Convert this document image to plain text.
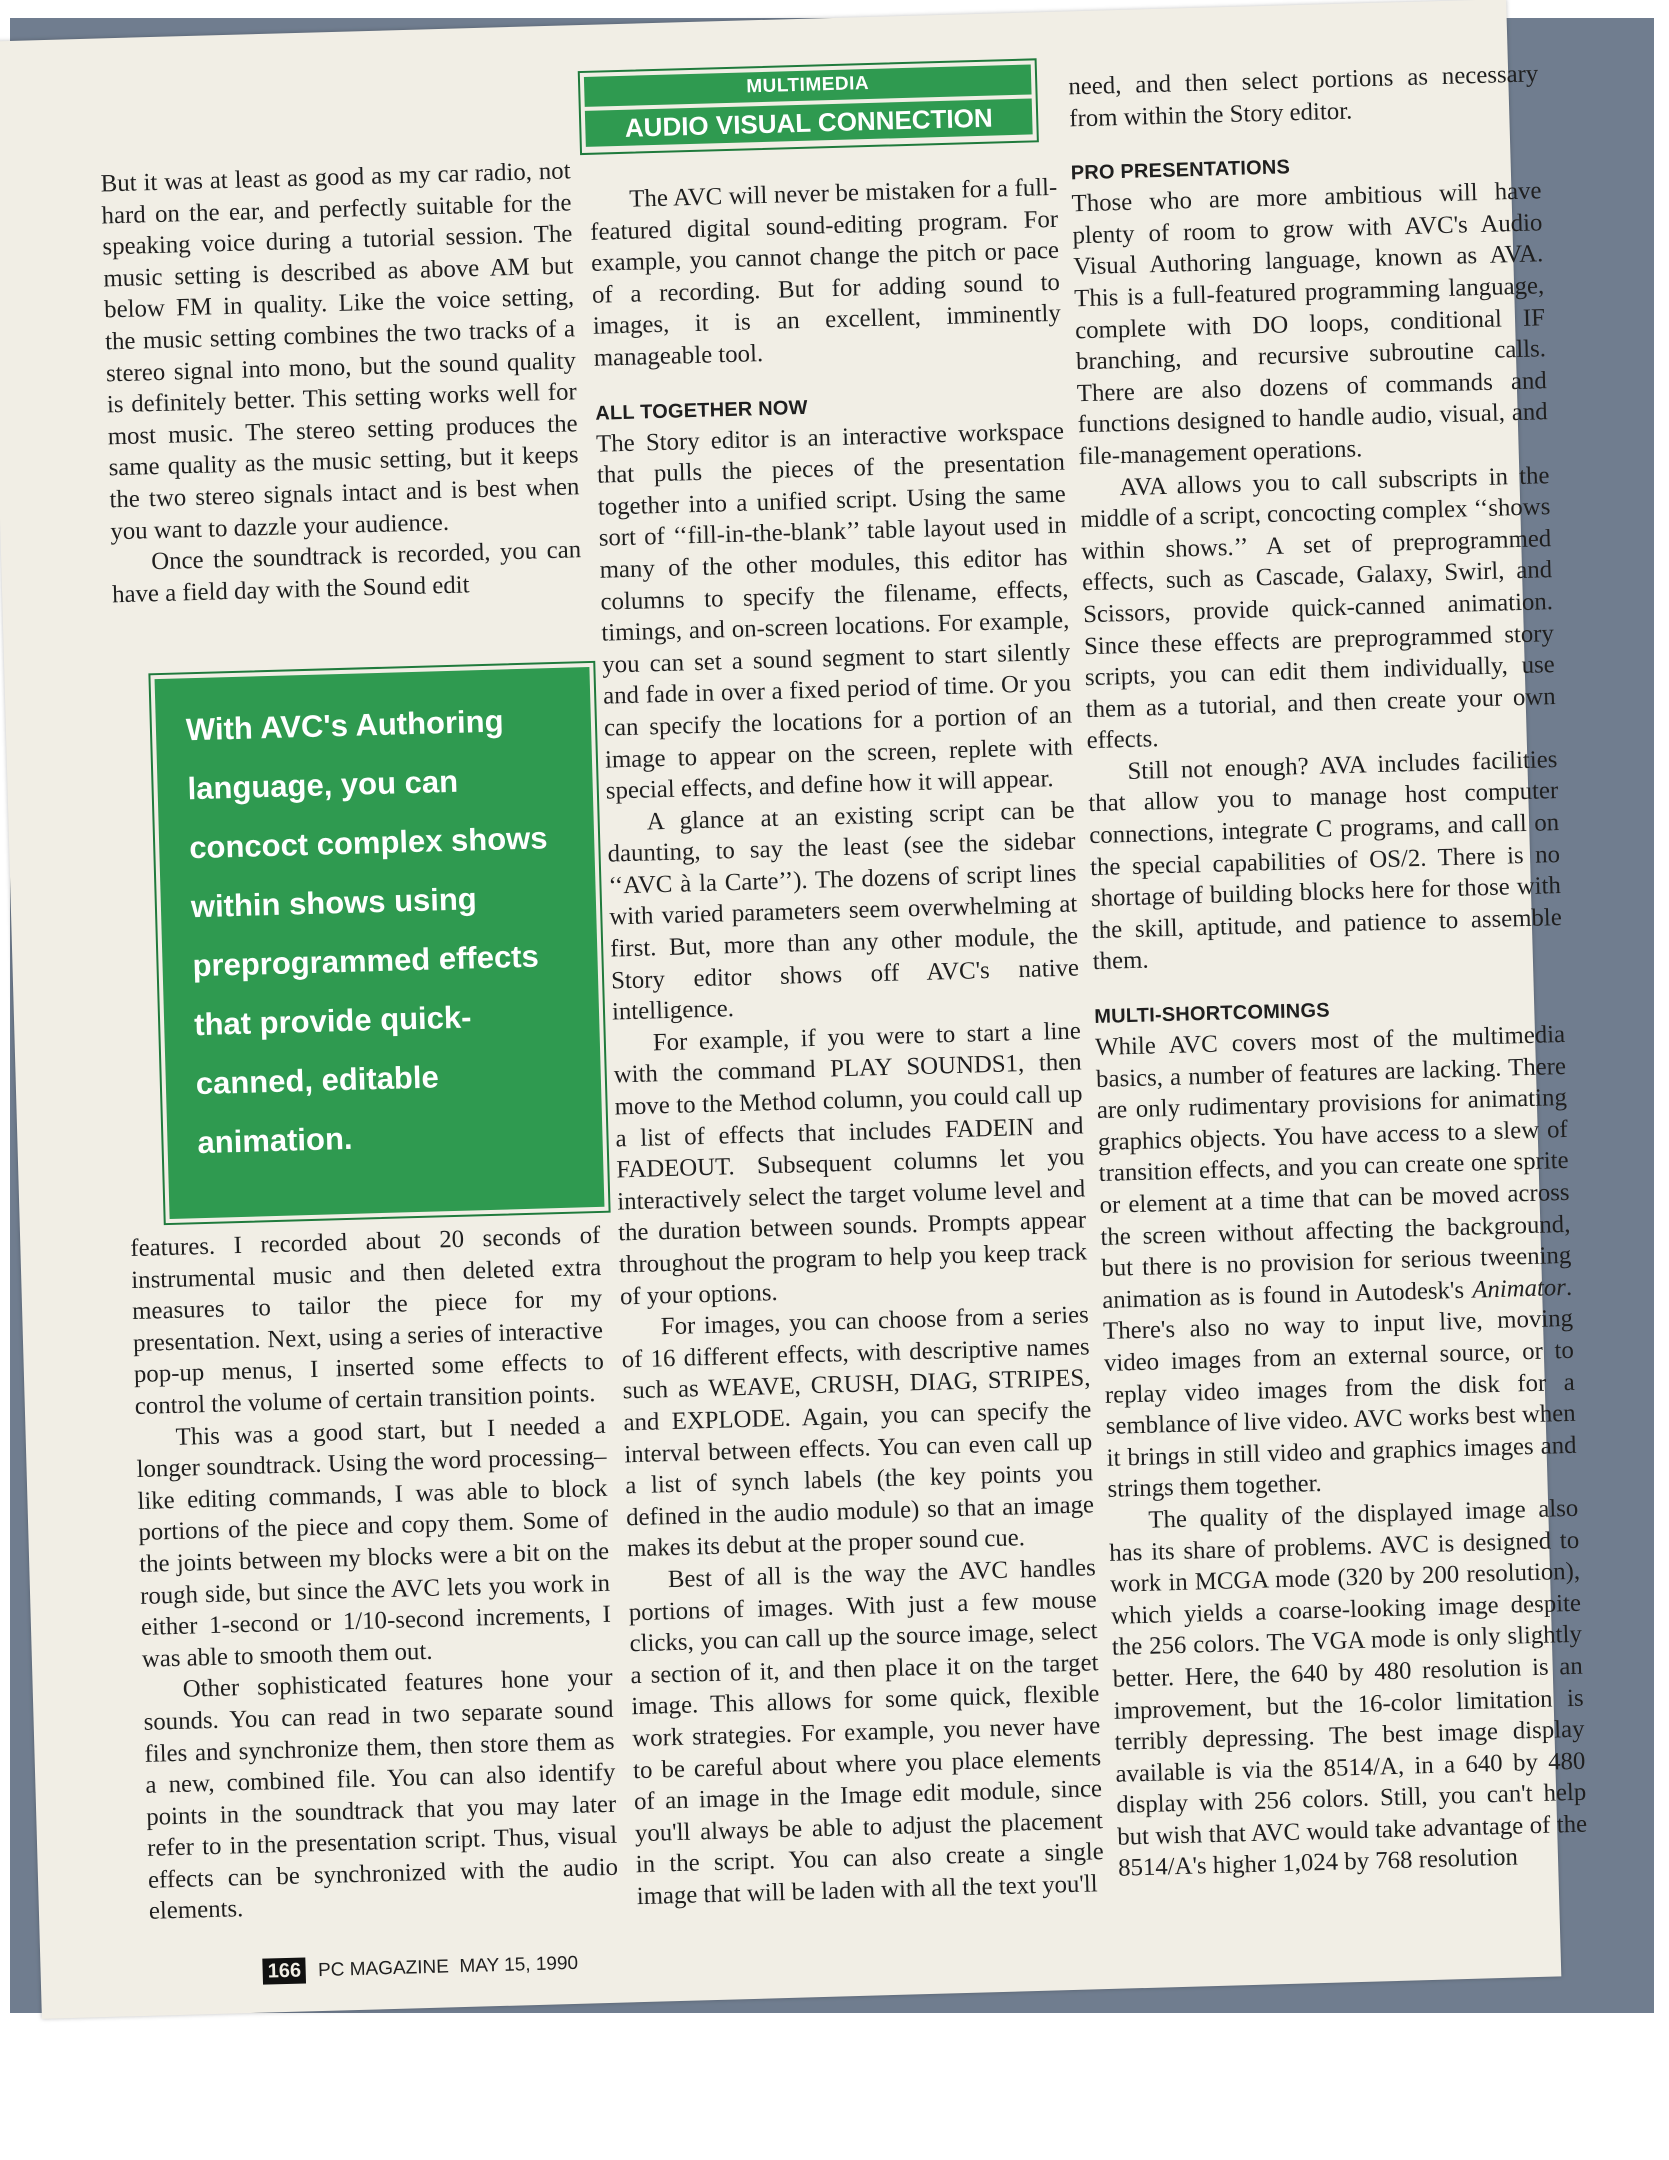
MULTIMEDIA
AUDIO VISUAL CONNECTION

But it was at least as good as my car radio, not hard on the ear, and perfectly suitable for the speaking voice during a tutorial session. The music setting is described as above AM but below FM in quality. Like the voice setting, the music setting combines the two tracks of a stereo signal into mono, but the sound quality is definitely better. This setting works well for most music. The stereo setting produces the same quality as the music setting, but it keeps the two stereo signals intact and is best when you want to dazzle your audience.

Once the soundtrack is recorded, you can have a field day with the Sound edit

With AVC's Authoring language, you can concoct complex shows within shows using preprogrammed effects that provide quick-canned, editable animation.

features. I recorded about 20 seconds of instrumental music and then deleted extra measures to tailor the piece for my presentation. Next, using a series of interactive pop-up menus, I inserted some effects to control the volume of certain transition points.

This was a good start, but I needed a longer soundtrack. Using the word processing–like editing commands, I was able to block portions of the piece and copy them. Some of the joints between my blocks were a bit on the rough side, but since the AVC lets you work in either 1-second or 1/10-second increments, I was able to smooth them out.

Other sophisticated features hone your sounds. You can read in two separate sound files and synchronize them, then store them as a new, combined file. You can also identify points in the soundtrack that you may later refer to in the presentation script. Thus, visual effects can be synchronized with the audio elements.

The AVC will never be mistaken for a full-featured digital sound-editing program. For example, you cannot change the pitch or pace of a recording. But for adding sound to images, it is an excellent, imminently manageable tool.

ALL TOGETHER NOW

The Story editor is an interactive workspace that pulls the pieces of the presentation together into a unified script. Using the same sort of ‘‘fill-in-the-blank’’ table layout used in many of the other modules, this editor has columns to specify the filename, effects, timings, and on-screen locations. For example, you can set a sound segment to start silently and fade in over a fixed period of time. Or you can specify the locations for a portion of an image to appear on the screen, replete with special effects, and define how it will appear.

A glance at an existing script can be daunting, to say the least (see the sidebar ‘‘AVC à la Carte’’). The dozens of script lines with varied parameters seem overwhelming at first. But, more than any other module, the Story editor shows off AVC's native intelligence.

For example, if you were to start a line with the command PLAY SOUNDS1, then move to the Method column, you could call up a list of effects that includes FADEIN and FADEOUT. Subsequent columns let you interactively select the target volume level and the duration between sounds. Prompts appear throughout the program to help you keep track of your options.

For images, you can choose from a series of 16 different effects, with descriptive names such as WEAVE, CRUSH, DIAG, STRIPES, and EXPLODE. Again, you can specify the interval between effects. You can even call up a list of synch labels (the key points you defined in the audio module) so that an image makes its debut at the proper sound cue.

Best of all is the way the AVC handles portions of images. With just a few mouse clicks, you can call up the source image, select a section of it, and then place it on the target image. This allows for some quick, flexible work strategies. For example, you never have to be careful about where you place elements of an image in the Image edit module, since you'll always be able to adjust the placement in the script. You can also create a single image that will be laden with all the text you'll

need, and then select portions as necessary from within the Story editor.

PRO PRESENTATIONS

Those who are more ambitious will have plenty of room to grow with AVC's Audio Visual Authoring language, known as AVA. This is a full-featured programming language, complete with DO loops, conditional IF branching, and recursive subroutine calls. There are also dozens of commands and functions designed to handle audio, visual, and file-management operations.

AVA allows you to call subscripts in the middle of a script, concocting complex ‘‘shows within shows.’’ A set of preprogrammed effects, such as Cascade, Galaxy, Swirl, and Scissors, provide quick-canned animation. Since these effects are preprogrammed story scripts, you can edit them individually, use them as a tutorial, and then create your own effects.

Still not enough? AVA includes facilities that allow you to manage host computer connections, integrate C programs, and call on the special capabilities of OS/2. There is no shortage of building blocks here for those with the skill, aptitude, and patience to assemble them.

MULTI-SHORTCOMINGS

While AVC covers most of the multimedia basics, a number of features are lacking. There are only rudimentary provisions for animating graphics objects. You have access to a slew of transition effects, and you can create one sprite or element at a time that can be moved across the screen without affecting the background, but there is no provision for serious tweening animation as is found in Autodesk's Animator. There's also no way to input live, moving video images from an external source, or to replay video images from the disk for a semblance of live video. AVC works best when it brings in still video and graphics images and strings them together.

The quality of the displayed image also has its share of problems. AVC is designed to work in MCGA mode (320 by 200 resolution), which yields a coarse-looking image despite the 256 colors. The VGA mode is only slightly better. Here, the 640 by 480 resolution is an improvement, but the 16-color limitation is terribly depressing. The best image display available is via the 8514/A, in a 640 by 480 display with 256 colors. Still, you can't help but wish that AVC would take advantage of the 8514/A's higher 1,024 by 768 resolution

166 PC MAGAZINE MAY 15, 1990
